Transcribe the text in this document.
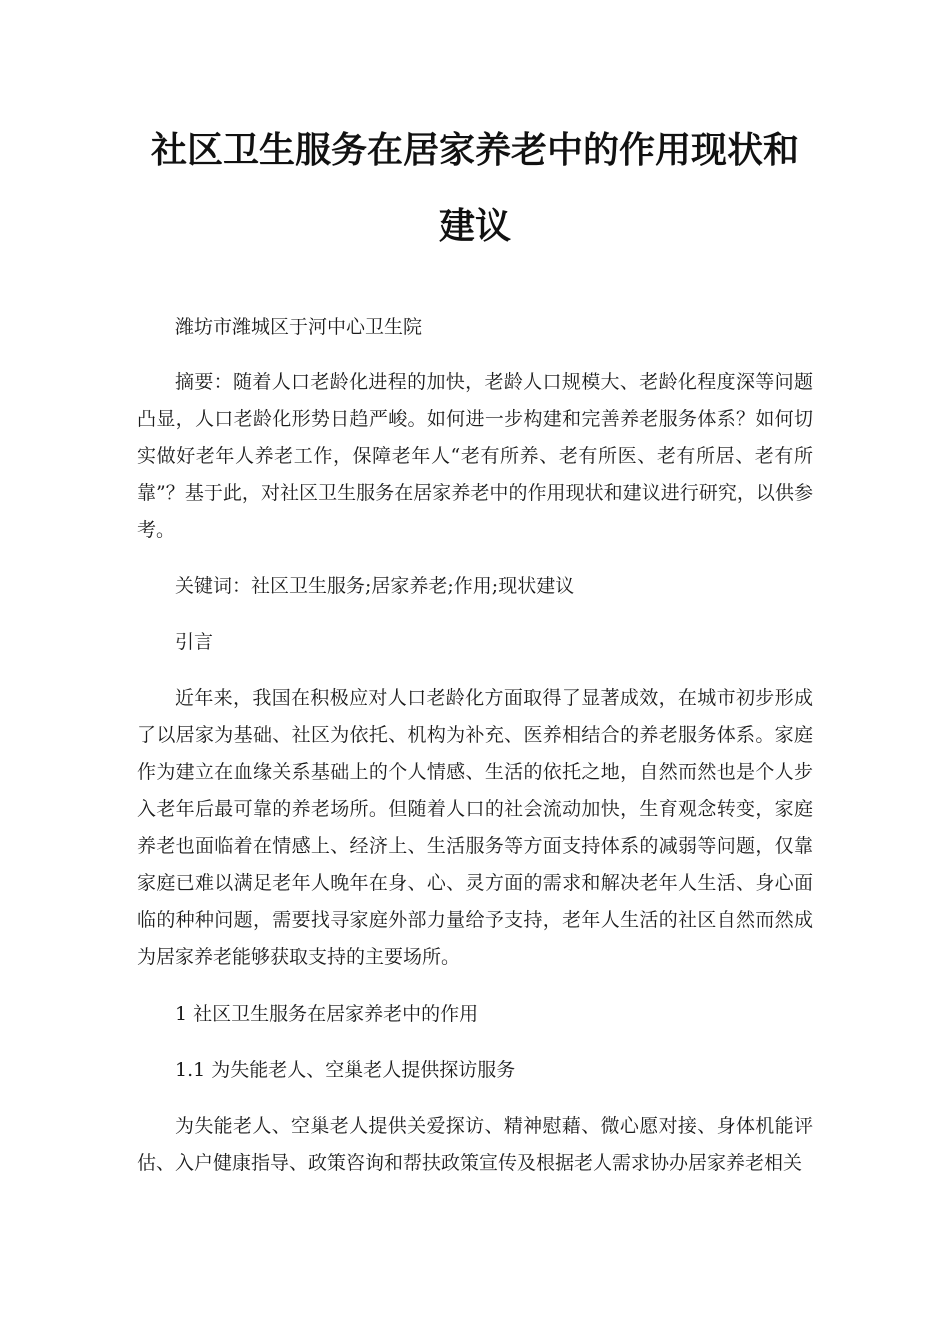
社区卫生服务在居家养老中的作用现状和建议

潍坊市潍城区于河中心卫生院

摘要：随着人口老龄化进程的加快，老龄人口规模大、老龄化程度深等问题凸显，人口老龄化形势日趋严峻。如何进一步构建和完善养老服务体系？如何切实做好老年人养老工作，保障老年人“老有所养、老有所医、老有所居、老有所靠”？基于此，对社区卫生服务在居家养老中的作用现状和建议进行研究，以供参考。

关键词：社区卫生服务;居家养老;作用;现状建议

引言

近年来，我国在积极应对人口老龄化方面取得了显著成效，在城市初步形成了以居家为基础、社区为依托、机构为补充、医养相结合的养老服务体系。家庭作为建立在血缘关系基础上的个人情感、生活的依托之地，自然而然也是个人步入老年后最可靠的养老场所。但随着人口的社会流动加快，生育观念转变，家庭养老也面临着在情感上、经济上、生活服务等方面支持体系的减弱等问题，仅靠家庭已难以满足老年人晚年在身、心、灵方面的需求和解决老年人生活、身心面临的种种问题，需要找寻家庭外部力量给予支持，老年人生活的社区自然而然成为居家养老能够获取支持的主要场所。

1 社区卫生服务在居家养老中的作用

1.1 为失能老人、空巢老人提供探访服务

为失能老人、空巢老人提供关爱探访、精神慰藉、微心愿对接、身体机能评估、入户健康指导、政策咨询和帮扶政策宣传及根据老人需求协办居家养老相关
